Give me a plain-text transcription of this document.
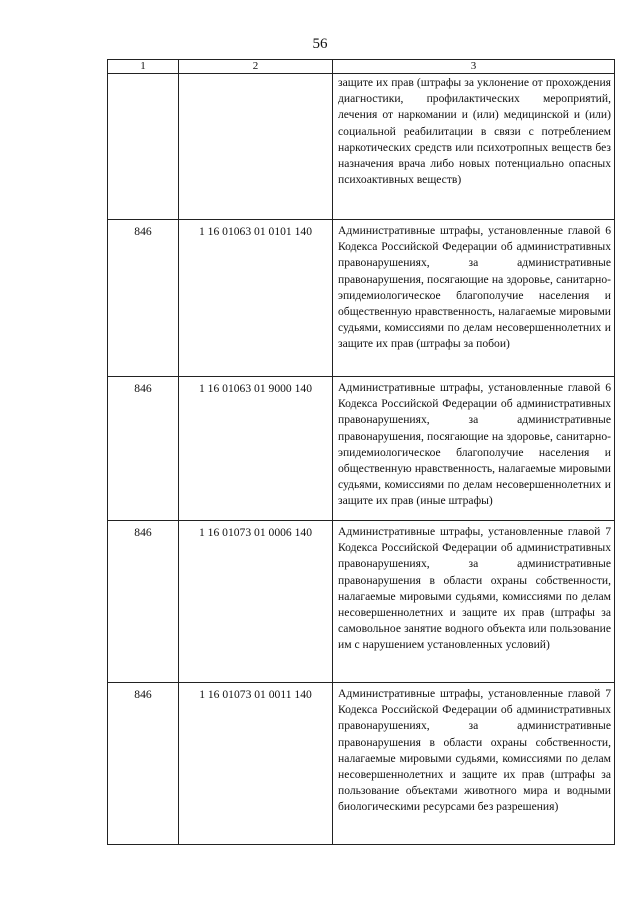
56
1	2	3
		защите их прав (штрафы за уклонение от прохождения диагностики, профилактических мероприятий, лечения от наркомании и (или) медицинской и (или) социальной реабилитации в связи с потреблением наркотических средств или психотропных веществ без назначения врача либо новых потенциально опасных психоактивных веществ)
846	1 16 01063 01 0101 140	Административные штрафы, установленные главой 6 Кодекса Российской Федерации об административных правонарушениях, за административные правонарушения, посягающие на здоровье, санитарно-эпидемиологическое благополучие населения и общественную нравственность, налагаемые мировыми судьями, комиссиями по делам несовершеннолетних и защите их прав (штрафы за побои)
846	1 16 01063 01 9000 140	Административные штрафы, установленные главой 6 Кодекса Российской Федерации об административных правонарушениях, за административные правонарушения, посягающие на здоровье, санитарно-эпидемиологическое благополучие населения и общественную нравственность, налагаемые мировыми судьями, комиссиями по делам несовершеннолетних и защите их прав (иные штрафы)
846	1 16 01073 01 0006 140	Административные штрафы, установленные главой 7 Кодекса Российской Федерации об административных правонарушениях, за административные правонарушения в области охраны собственности, налагаемые мировыми судьями, комиссиями по делам несовершеннолетних и защите их прав (штрафы за самовольное занятие водного объекта или пользование им с нарушением установленных условий)
846	1 16 01073 01 0011 140	Административные штрафы, установленные главой 7 Кодекса Российской Федерации об административных правонарушениях, за административные правонарушения в области охраны собственности, налагаемые мировыми судьями, комиссиями по делам несовершеннолетних и защите их прав (штрафы за пользование объектами животного мира и водными биологическими ресурсами без разрешения)
